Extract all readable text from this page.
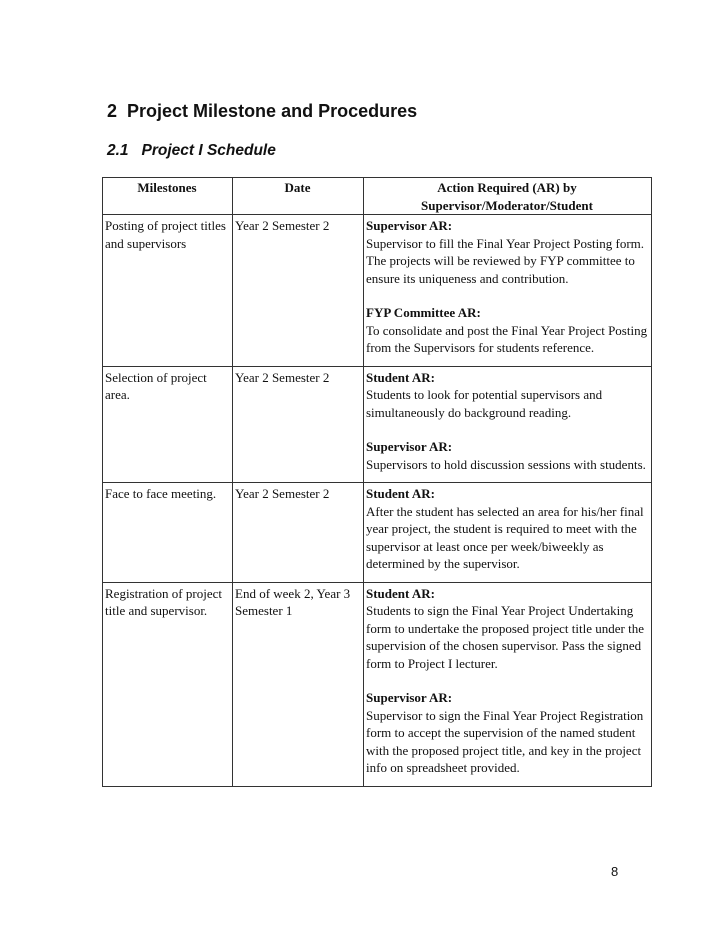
2 Project Milestone and Procedures
2.1 Project I Schedule
Milestones	Date	Action Required (AR) by Supervisor/Moderator/Student
Posting of project titles and supervisors	Year 2 Semester 2	Supervisor AR:
Supervisor to fill the Final Year Project Posting form. The projects will be reviewed by FYP committee to ensure its uniqueness and contribution.
FYP Committee AR:
To consolidate and post the Final Year Project Posting from the Supervisors for students reference.

Selection of project area.	Year 2 Semester 2	Student AR:
Students to look for potential supervisors and simultaneously do background reading.
Supervisor AR:
Supervisors to hold discussion sessions with students.

Face to face meeting.	Year 2 Semester 2	Student AR:
After the student has selected an area for his/her final year project, the student is required to meet with the supervisor at least once per week/biweekly as determined by the supervisor.

Registration of project title and supervisor.	End of week 2, Year 3 Semester 1	Student AR:
Students to sign the Final Year Project Undertaking form to undertake the proposed project title under the supervision of the chosen supervisor. Pass the signed form to Project I lecturer.
Supervisor AR:
Supervisor to sign the Final Year Project Registration form to accept the supervision of the named student with the proposed project title, and key in the project info on spreadsheet provided.
8
